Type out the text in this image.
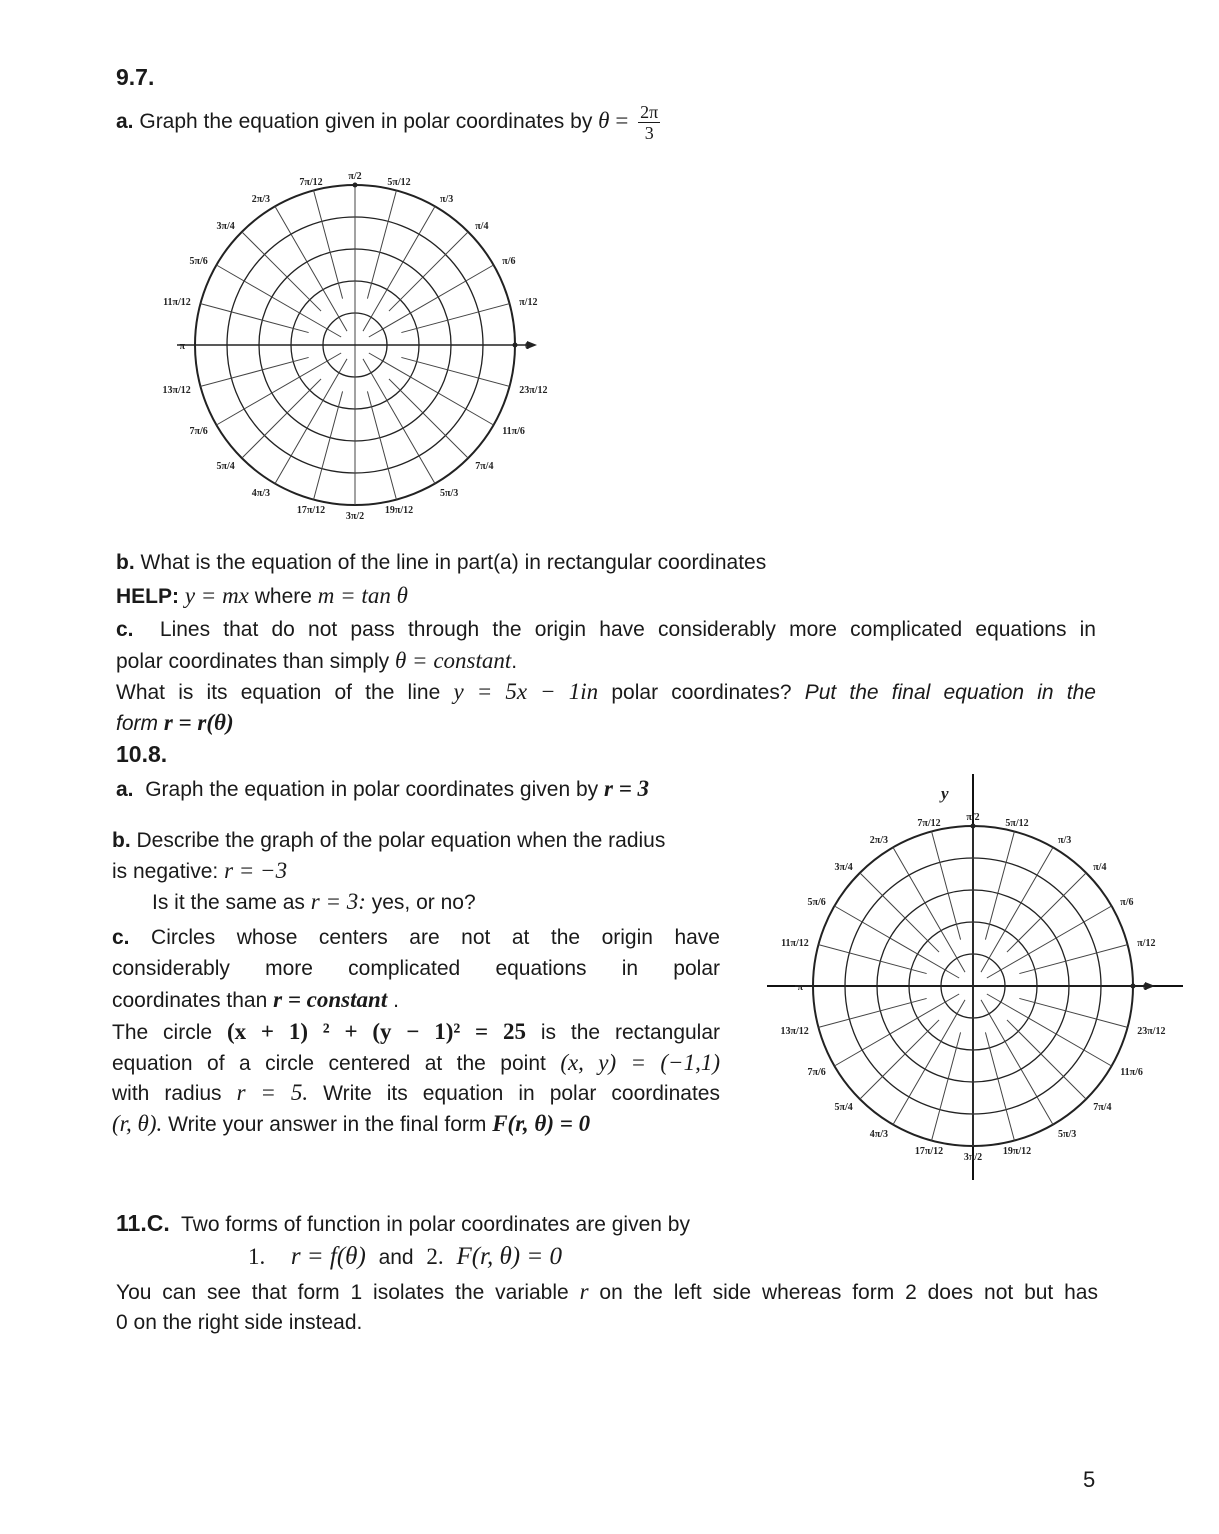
9.7.
a. Graph the equation given in polar coordinates by $\theta = \frac{2\pi}{3}$
2π/3
7π/12
π/2
5π/12
π/3
3π/4	π/4
5π/6	π/6
11π/12	π/12
π	0
13π/12	23π/12
7π/6	11π/6
5π/4	7π/4
4π/3
17π/12
3π/2
19π/12
5π/3
b. What is the equation of the line in part(a) in rectangular coordinates
HELP: y = mx where m = tan θ
c. Lines that do not pass through the origin have considerably more complicated equations in
polar coordinates than simply θ = constant.
What is its equation of the line y = 5x − 1in polar coordinates? Put the final equation in the
form r = r(θ)
10.8.
a. Graph the equation in polar coordinates given by r = 3
b. Describe the graph of the polar equation when the radius
is negative: r = −3
Is it the same as r = 3: yes, or no?
c. Circles whose centers are not at the origin have
considerably more complicated equations in polar
coordinates than r = constant .
The circle (x + 1) ² + (y − 1)² = 25 is the rectangular
equation of a circle centered at the point (x, y) = (−1,1)
with radius r = 5. Write its equation in polar coordinates
(r, θ). Write your answer in the final form F(r, θ) = 0
y
2π/3
7π/12
π/2
5π/12
π/3
3π/4	π/4
5π/6	π/6
11π/12	π/12
π	0
13π/12	23π/12
7π/6	11π/6
5π/4	7π/4
4π/3
17π/12
3π/2
19π/12
5π/3
11.C. Two forms of function in polar coordinates are given by
1. r = f(θ) and 2. F(r, θ) = 0
You can see that form 1 isolates the variable r on the left side whereas form 2 does not but has
0 on the right side instead.
5
